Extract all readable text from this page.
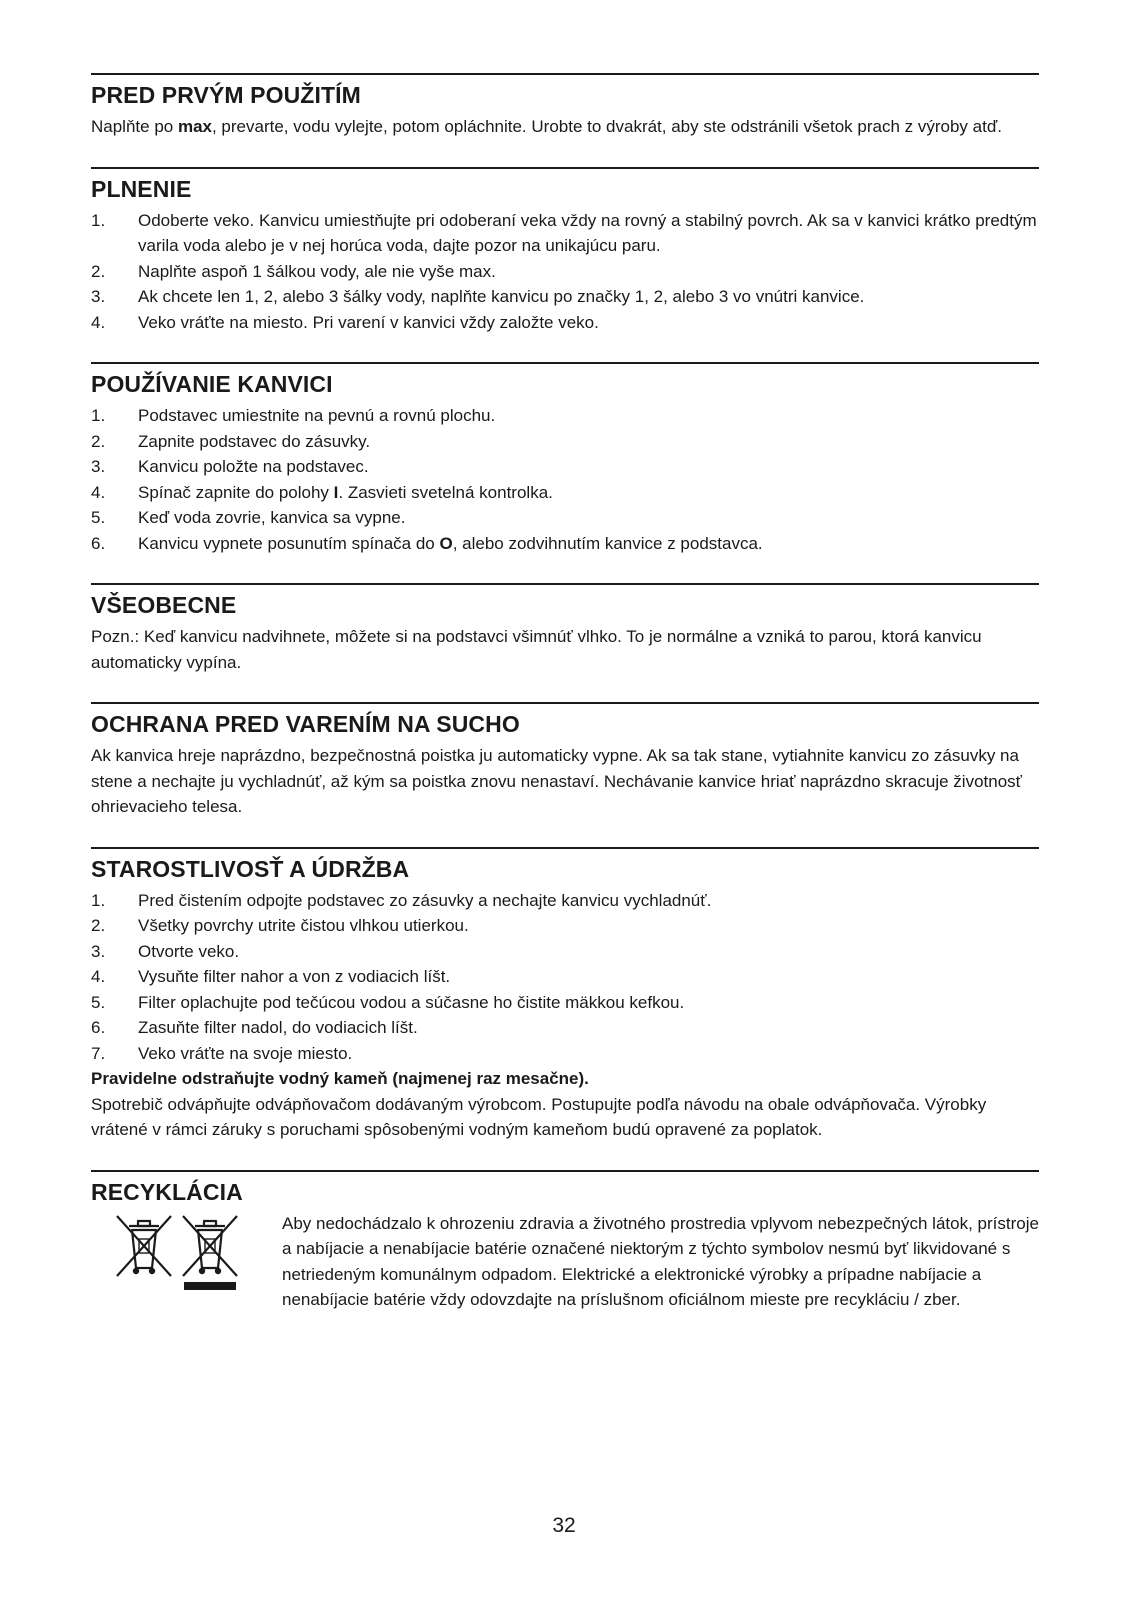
PRED PRVÝM POUŽITÍM

Naplňte po max, prevarte, vodu vylejte, potom opláchnite. Urobte to dvakrát, aby ste odstránili všetok prach z výroby atď.

PLNENIE
1.	Odoberte veko. Kanvicu umiestňujte pri odoberaní veka vždy na rovný a stabilný povrch. Ak sa v kanvici krátko predtým varila voda alebo je v nej horúca voda, dajte pozor na unikajúcu paru.
2.	Naplňte aspoň 1 šálkou vody, ale nie vyše max.
3.	Ak chcete len 1, 2, alebo 3 šálky vody, naplňte kanvicu po značky 1, 2, alebo 3 vo vnútri kanvice.
4.	Veko vráťte na miesto. Pri varení v kanvici vždy založte veko.
POUŽÍVANIE KANVICI
1.	Podstavec umiestnite na pevnú a rovnú plochu.
2.	Zapnite podstavec do zásuvky.
3.	Kanvicu položte na podstavec.
4.	Spínač zapnite do polohy I. Zasvieti svetelná kontrolka.
5.	Keď voda zovrie, kanvica sa vypne.
6.	Kanvicu vypnete posunutím spínača do O, alebo zodvihnutím kanvice z podstavca.
VŠEOBECNE

Pozn.: Keď kanvicu nadvihnete, môžete si na podstavci všimnúť vlhko. To je normálne a vzniká to parou, ktorá kanvicu automaticky vypína.

OCHRANA PRED VARENÍM NA SUCHO

Ak kanvica hreje naprázdno, bezpečnostná poistka ju automaticky vypne. Ak sa tak stane, vytiahnite kanvicu zo zásuvky na stene a nechajte ju vychladnúť, až kým sa poistka znovu nenastaví. Nechávanie kanvice hriať naprázdno skracuje životnosť ohrievacieho telesa.

STAROSTLIVOSŤ A ÚDRŽBA
1.	Pred čistením odpojte podstavec zo zásuvky a nechajte kanvicu vychladnúť.
2.	Všetky povrchy utrite čistou vlhkou utierkou.
3.	Otvorte veko.
4.	Vysuňte filter nahor a von z vodiacich líšt.
5.	Filter oplachujte pod tečúcou vodou a súčasne ho čistite mäkkou kefkou.
6.	Zasuňte filter nadol, do vodiacich líšt.
7.	Veko vráťte na svoje miesto.

Pravidelne odstraňujte vodný kameň (najmenej raz mesačne).

Spotrebič odvápňujte odvápňovačom dodávaným výrobcom. Postupujte podľa návodu na obale odvápňovača. Výrobky vrátené v rámci záruky s poruchami spôsobenými vodným kameňom budú opravené za poplatok.

RECYKLÁCIA

Aby nedochádzalo k ohrozeniu zdravia a životného prostredia vplyvom nebezpečných látok, prístroje a nabíjacie a nenabíjacie batérie označené niektorým z týchto symbolov nesmú byť likvidované s netriedeným komunálnym odpadom. Elektrické a elektronické výrobky a prípadne nabíjacie a nenabíjacie batérie vždy odovzdajte na príslušnom oficiálnom mieste pre recykláciu / zber.

32
